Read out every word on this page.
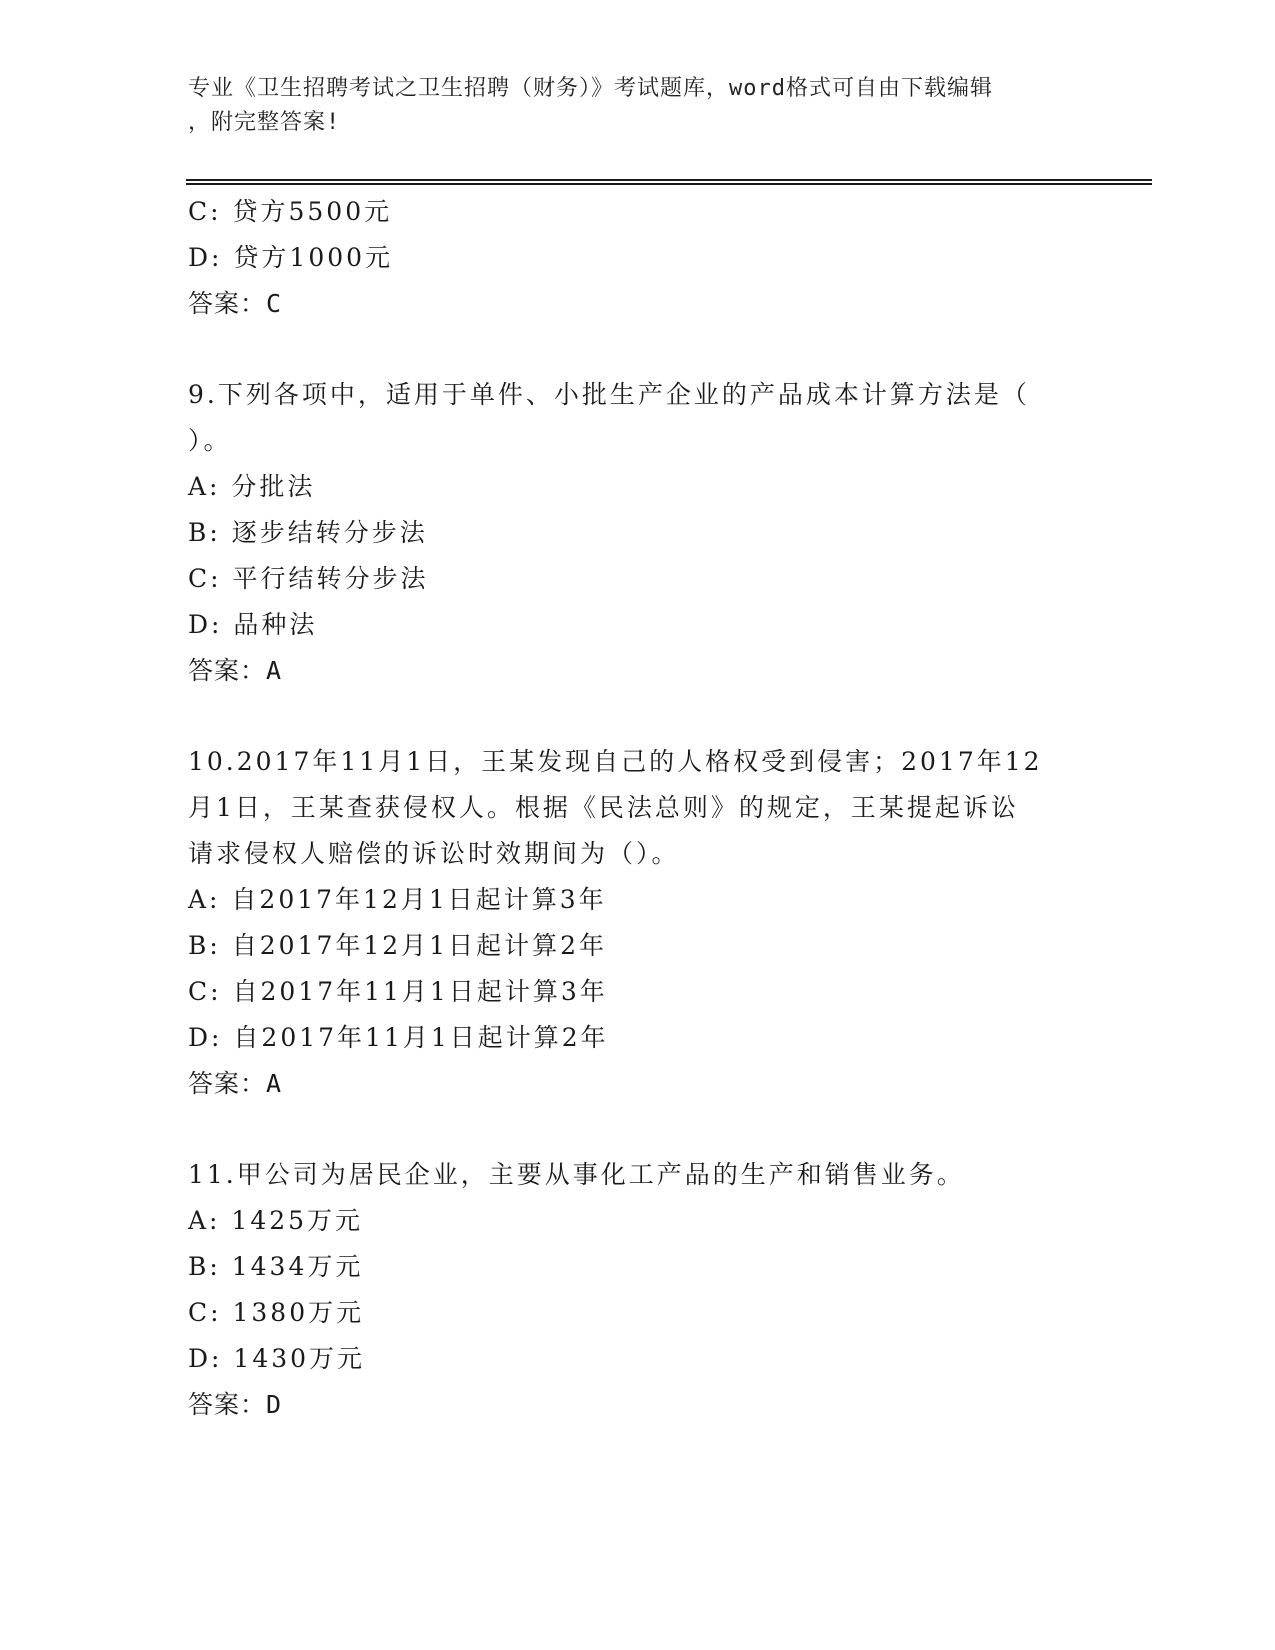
专业《卫生招聘考试之卫生招聘（财务）》考试题库，word格式可自由下载编辑
，附完整答案!
C: 贷方5500元
D: 贷方1000元
答案：C
9.下列各项中，适用于单件、小批生产企业的产品成本计算方法是（
）。
A: 分批法
B: 逐步结转分步法
C: 平行结转分步法
D: 品种法
答案：A
10.2017年11月1日，王某发现自己的人格权受到侵害；2017年12
月1日，王某查获侵权人。根据《民法总则》的规定，王某提起诉讼
请求侵权人赔偿的诉讼时效期间为（）。
A: 自2017年12月1日起计算3年
B: 自2017年12月1日起计算2年
C: 自2017年11月1日起计算3年
D: 自2017年11月1日起计算2年
答案：A
11.甲公司为居民企业，主要从事化工产品的生产和销售业务。
A: 1425万元
B: 1434万元
C: 1380万元
D: 1430万元
答案：D
